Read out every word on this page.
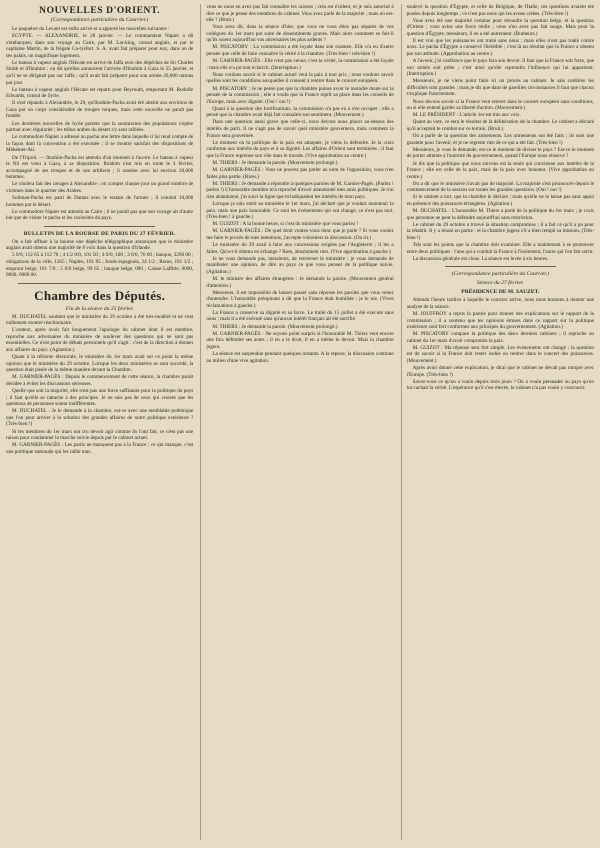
NOUVELLES D'ORIENT.
(Correspondance particulière du Courrier.)

Le paquebot du Levant est enfin arrivé et a apporté les nouvelles suivantes :

EGYPTE. — ALEXANDRIE, le 28 janvier. — Le commandant Napier a dû s'embarquer, dans son voyage au Caire, par M. Lar-king, consul anglais, et par le capitaine Martin, de la frégate Ca-rysfort. S. A. avait fait préparer pour eux, dans un de ses palais, un magnifique logement.

Le bateau à vapeur anglais l'Hécate est arrivé de Jaffa avec des dépêches de Sir Charles Smith et d'Ibrahim ; on dit qu'elles annoncent l'arrivée d'Ibrahim à Gaza le 25 janvier, et qu'il ne se dirigeait pas sur Jaffa ; qu'il avait fait préparer pour son armée 20,000 rations par jour.

Le bateau à vapeur anglais l'Hécate est reparti pour Beyrouth, emportant M. Rodolfe Edwards, consul de Syrie.

Il s'est répandu à Alexandrie, le 29, qu'Ibrahim-Pacha avait été atteint aux environs de Gaza par un corps considérable de troupes turques, mais cette nouvelle ne paraît pas fondée.

Les dernières nouvelles de Syrie portent que la soumission des populations s'opère partout avec régularité ; les tribus arabes du désert s'y sont ralliées.

Le commodore Napier a adressé au pacha une lettre dans laquelle il lui rend compte de la façon dont la convention a été exécutée ; il se montre satisfait des dispositions de Méhémet-Ali.

De l'Tripoli. — Ibrahim-Pacha est attendu d'un moment à l'au-tre. Le bateau à vapeur le Nil est venu à Gaza, à sa disposition. Ibrahim s'est mis en route le 4 février, accompagné de ses troupes et de son artillerie ; il ramène avec lui environ 20,000 hommes.

Le cholera fait des ravages à Alexandrie ; on compte chaque jour un grand nombre de victimes dans le quartier des Arabes.

Soliman-Pacha est parti de Damas avec le restant de l'armée ; il conduit 10,000 hommes par le désert.

Le commodore Napier est attendu au Caire ; il ne paraît pas que son voyage ait d'autre but que de visiter le pacha et les curiosités du pays.

BULLETIN DE LA BOURSE DE PARIS DU 27 FÉVRIER.

On a fait affluer à la bourse une dépêche télégraphique annonçant que le ministère anglais avait obtenu une majorité de 8 voix dans la question d'Irlande.

5 0/0, 112 65 à 112 70 ; 4 1/2 0/0, 101 50 ; 4 0/0, 100 ; 3 0/0, 76 00 ; banque, 3290 00 ; obligations de la ville, 1265 ; Naples, 101 85 ; fonds espagnols, 24 1/2 ; Rome, 101 1/2 ; emprunt belge, 101 7/8 ; 5 0/0 belge, 99 65 ; banque belge, 000 ; Caisse Laffitte, 0000, 0000, 0000 00.

Chambre des Députés.
Fin de la séance du 25 février.

M. DUCHATEL soutient que le ministère du 29 octobre a été très-modéré et ne s'est nullement montré réactionnaire.

L'orateur, après avoir fait longuement l'apologie du cabinet dont il est membre, reproche aux adversaires du ministère de soulever des questions qui ne sont pas essentielles. Ce n'est point de débats personnels qu'il s'agit ; c'est de la direction à donner aux affaires du pays. (Agitation.)

Quant à la réforme électorale, le ministère du 1er mars avait sur ce point la même opinion que le ministère du 29 octobre. Lorsque les deux ministères se sont succédé, la question était posée de la même manière devant la Chambre.

M. GARNIER-PAGÈS : Depuis le commencement de cette séance, la chambre paraît décidée à éviter les discussions sérieuses.

Quelle que soit la majorité, elle n'est pas une force suffisante pour la politique du pays ; il faut qu'elle se rattache à des principes. Je ne suis pas de ceux qui croient que les questions de personnes soient indifférentes.

M. DUCHATEL : Je le demande à la chambre, est-ce avec une semblable polémique que l'on peut arriver à la solution des grandes affaires de notre politique extérieure ? (Très-bien !)

Si les membres du 1er mars ont cru devoir agir comme ils l'ont fait, ce n'est pas une raison pour condamner la marche suivie depuis par le cabinet actuel.

M. GARNIER-PAGÈS : Les partis ne manquent pas à la France ; ce qui manque, c'est une politique nationale qui les rallie tous.

vous ne nous en avez pas fait connaître les raisons ; cela est évident, et je suis autorisé à dire ce que je pense des membres du cabinet. Vous avez parlé de la majorité ; mais où est-elle ? (Bruit.)

Vous avez dit, dans la séance d'hier, que vous ne vous étiez pas séparés de vos collègues du 1er mars par suite de dissentiments graves. Mais alors comment se fait-il qu'ils soient aujourd'hui vos adversaires les plus ardents ?

M. PISCATORY : La commission a été loyale dans son examen. Elle n'a eu d'autre pensée que celle de faire connaître la vérité à la chambre. (Très-bien ! très-bien !)

M. GARNIER-PAGÈS : Elle n'est pas venue, c'est la vérité, la commission a été loyale ; mais elle n'a pu tout éclaircir. (Interruption.)

Nous voulons savoir si le cabinet actuel veut la paix à tout prix ; nous voulons savoir quelles sont les conditions auxquelles il consent à rentrer dans le concert européen.

M. PISCATORY : Je ne pense pas que la chambre puisse avoir le moindre doute sur la pensée de la commission ; elle a voulu que la France reprît sa place dans les conseils de l'Europe, mais avec dignité. (Oui ! oui !)

Quant à la question des fortifications, la commission n'a pas eu à s'en occuper ; elle a pensé que la chambre avait déjà fait connaître son sentiment. (Mouvement.)

Dans une question aussi grave que celle-ci, nous devons nous placer au-dessus des intérêts de parti. Il ne s'agit pas de savoir quel ministère gouvernera, mais comment la France sera gouvernée.

Le moment où la politique de la paix est attaquée, je viens la défendre. Je la crois conforme aux intérêts du pays et à sa dignité. Les affaires d'Orient sont terminées ; il faut que la France reprenne son rôle dans le monde. (Vive approbation au centre.)

M. THIERS : Je demande la parole. (Mouvement prolongé.)

M. GARNIER-PAGÈS : Vous ne pouvez pas parler au nom de l'opposition, vous n'en faites plus partie. (Rires.)

M. THIERS : Je demande à répondre à quelques paroles de M. Garnier-Pagès. (Parlez ! parlez !) L'honorable membre m'a reproché d'avoir abandonné mes amis politiques. Je n'ai rien abandonné, j'ai suivi la ligne que m'indiquaient les intérêts de mon pays.

Lorsque je suis entré au ministère le 1er mars, j'ai déclaré que je voulais maintenir la paix, mais une paix honorable. Ce sont les événements qui ont changé, ce n'est pas moi. (Très-bien ! à gauche.)

M. GUIZOT : A la bonne heure, si c'est du ministère que vous parlez !

M. GARNIER-PAGÈS : De quel droit voulez-vous donc que je parle ? Si vous voulez me faire le procès de mes intentions, j'accepte volontiers la discussion. (On rit.)

Le ministère du 29 avait à faire aux concessions exigées par l'Angleterre ; il les a faites. Qu'a-t-il obtenu en échange ? Rien, absolument rien. (Vive approbation à gauche.)

Je ne vous demande pas, messieurs, de renverser le ministère ; je vous demande de manifester une opinion, de dire au pays ce que vous pensez de la politique suivie. (Agitation.)

M. le ministre des affaires étrangères : Je demande la parole. (Mouvement général d'attention.)

Messieurs, il est impossible de laisser passer sans réponse les paroles que vous venez d'entendre. L'honorable préopinant a dit que la France était humiliée ; je le nie. (Vives réclamations à gauche.)

La France a conservé sa dignité et sa force. Le traité du 15 juillet a été exécuté sans nous ; mais il a été exécuté sans qu'aucun intérêt français ait été sacrifié.

M. THIERS : Je demande la parole. (Mouvement prolongé.)

M. GARNIER-PAGÈS : Ne soyons point surpris si l'honorable M. Thiers veut encore une fois défendre ses actes ; il en a le droit, il en a même le devoir. Mais la chambre jugera.

La séance est suspendue pendant quelques instants. A la reprise, la discussion continue au milieu d'une vive agitation.

soulevé la question d'Égypte, et celle de Belgique, de l'Italie, ces questions avaient été posées depuis longtemps ; ce n'est pas nous qui les avons créées. (Très-bien !)

Vous avez été une majorité certaine pour résoudre la question belge, et la question d'Orient ; vous aviez une force réelle ; vous n'en avez pas fait usage. Mais pour la question d'Égypte, messieurs, il en a été autrement. (Rumeurs.)

Il est vrai que les puissances ont traité sans nous ; mais elles n'ont pas traité contre nous. Le pacha d'Égypte a conservé l'hérédité ; c'est là un résultat que la France a obtenu par son attitude. (Approbation au centre.)

A l'avenir, j'ai confiance que le pays fera son devoir. Il faut que la France soit forte, que son armée soit prête ; c'est ainsi qu'elle reprendra l'influence qui lui appartient. (Interruption.)

Messieurs, je ne viens point faire ici un procès au cabinet. Je sais combien les difficultés sont grandes ; mais je dis que dans de pareilles circonstances il faut que chacun s'explique franchement.

Nous devons savoir si la France veut rentrer dans le concert européen sans conditions, ou si elle entend garder sa liberté d'action. (Mouvement.)

M. LE PRÉSIDENT : L'article 1er est mis aux voix.

Quant au vote, ce sera le résultat de la délibération de la chambre. Le cabinet a déclaré qu'il acceptait le combat sur ce terrain. (Bruit.)

On a parlé de la question des armements. Les armements ont été faits ; ils sont une garantie pour l'avenir, et je ne regrette rien de ce qui a été fait. (Très-bien !)

Messieurs, je vous le demande, est-ce le moment de diviser le pays ? Est-ce le moment de porter atteinte à l'autorité du gouvernement, quand l'Europe nous observe ?

Je dis que la politique que nous suivons est la seule qui convienne aux intérêts de la France ; elle est celle de la paix, mais de la paix avec honneur. (Vive approbation au centre.)

On a dit que le ministère n'avait pas de majorité. La majorité s'est prononcée depuis le commencement de la session sur toutes les grandes questions. (Oui ! oui !)

Si le cabinet a tort, que la chambre le déclare ; mais qu'elle ne le laisse pas sans appui en présence des puissances étrangères. (Agitation.)

M. DUCHATEL : L'honorable M. Thiers a parlé de la politique du 1er mars ; je crois que personne ne peut la défendre aujourd'hui sans restriction.

Le cabinet du 29 octobre a trouvé la situation compromise ; il a fait ce qu'il a pu pour la rétablir. Il y a réussi en partie ; et la chambre jugera s'il a bien rempli sa mission. (Très-bien !)

Tels sont les points que la chambre doit examiner. Elle a maintenant à se prononcer entre deux politiques : l'une qui a conduit la France à l'isolement, l'autre qui l'en fait sortir.

La discussion générale est close. La séance est levée à six heures.

(Correspondance particulière du Courrier.)
Séance du 27 février.
PRÉSIDENCE DE M. SAUZET.

Attendu l'heure tardive à laquelle le courrier arrive, nous nous bornons à donner une analyse de la séance.

M. JOUFFROY a repris la parole pour donner des explications sur le rapport de la commission ; il a soutenu que les opinions émises dans ce rapport sur la politique extérieure sont fort conformes aux principes du gouvernement. (Agitation.)

M. PISCATORY compare la politique des deux derniers cabinets ; il reproche au cabinet du 1er mars d'avoir compromis la paix.

M. GUIZOT : Ma réponse sera fort simple. Les événements ont changé ; la question est de savoir si la France doit rester isolée ou rentrer dans le concert des puissances. (Mouvement.)

Après avoir donné cette explication, je dirai que le cabinet ne devait pas rompre avec l'Europe. (Très-bien !)

Savez-vous ce qu'on a voulu depuis trois jours ? On a voulu persuader au pays qu'on lui cachait la vérité. L'espérance qu'il s'est élevée, le cabinet n'a pas voulu y concourir.
